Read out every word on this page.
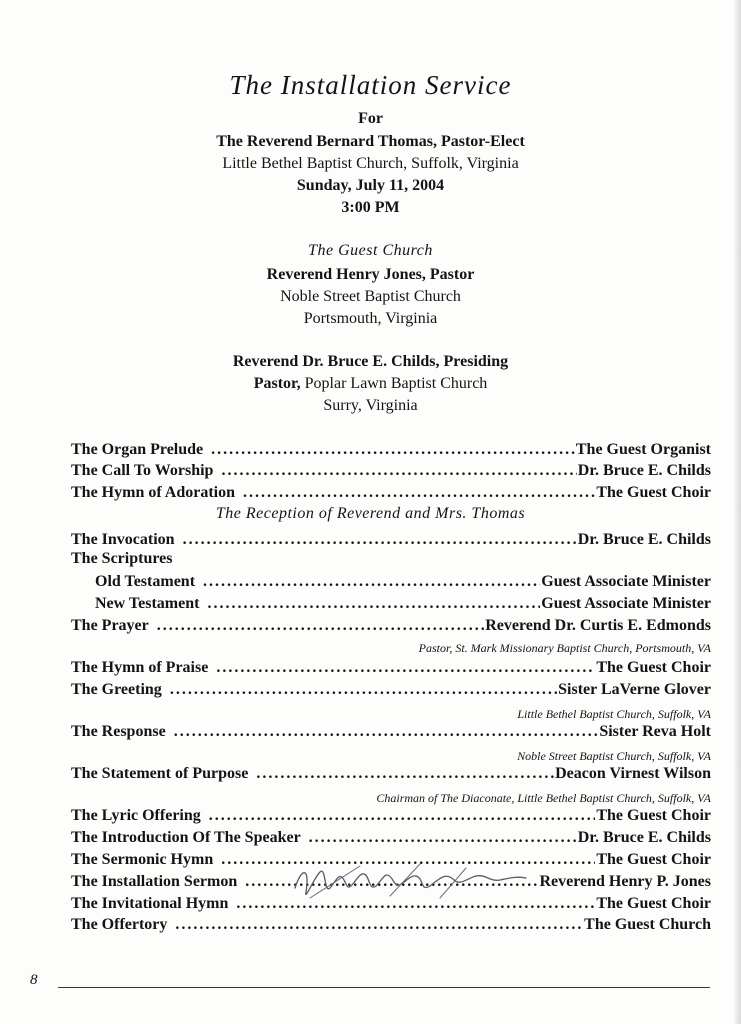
The Installation Service
For
The Reverend Bernard Thomas, Pastor-Elect
Little Bethel Baptist Church, Suffolk, Virginia
Sunday, July 11, 2004
3:00 PM
The Guest Church
Reverend Henry Jones, Pastor
Noble Street Baptist Church
Portsmouth, Virginia
Reverend Dr. Bruce E. Childs, Presiding
Pastor, Poplar Lawn Baptist Church
Surry, Virginia
The Organ Prelude . . .	The Guest Organist
The Call To Worship . . .	Dr. Bruce E. Childs
The Hymn of Adoration . . .	The Guest Choir
The Reception of Reverend and Mrs. Thomas
The Invocation . . .	Dr. Bruce E. Childs
The Scriptures
Old Testament . . .	Guest Associate Minister
New Testament . . .	Guest Associate Minister
The Prayer . . .	Reverend Dr. Curtis E. Edmonds
Pastor, St. Mark Missionary Baptist Church, Portsmouth, VA
The Hymn of Praise . . .	The Guest Choir
The Greeting . . .	Sister LaVerne Glover
Little Bethel Baptist Church, Suffolk, VA
The Response . . .	Sister Reva Holt
Noble Street Baptist Church, Suffolk, VA
The Statement of Purpose . . .	Deacon Virnest Wilson
Chairman of The Diaconate, Little Bethel Baptist Church, Suffolk, VA
The Lyric Offering . . .	The Guest Choir
The Introduction Of The Speaker . . .	Dr. Bruce E. Childs
The Sermonic Hymn . . .	The Guest Choir
The Installation Sermon . . .	Reverend Henry P. Jones
The Invitational Hymn . . .	The Guest Choir
The Offertory . . .	The Guest Church
8
